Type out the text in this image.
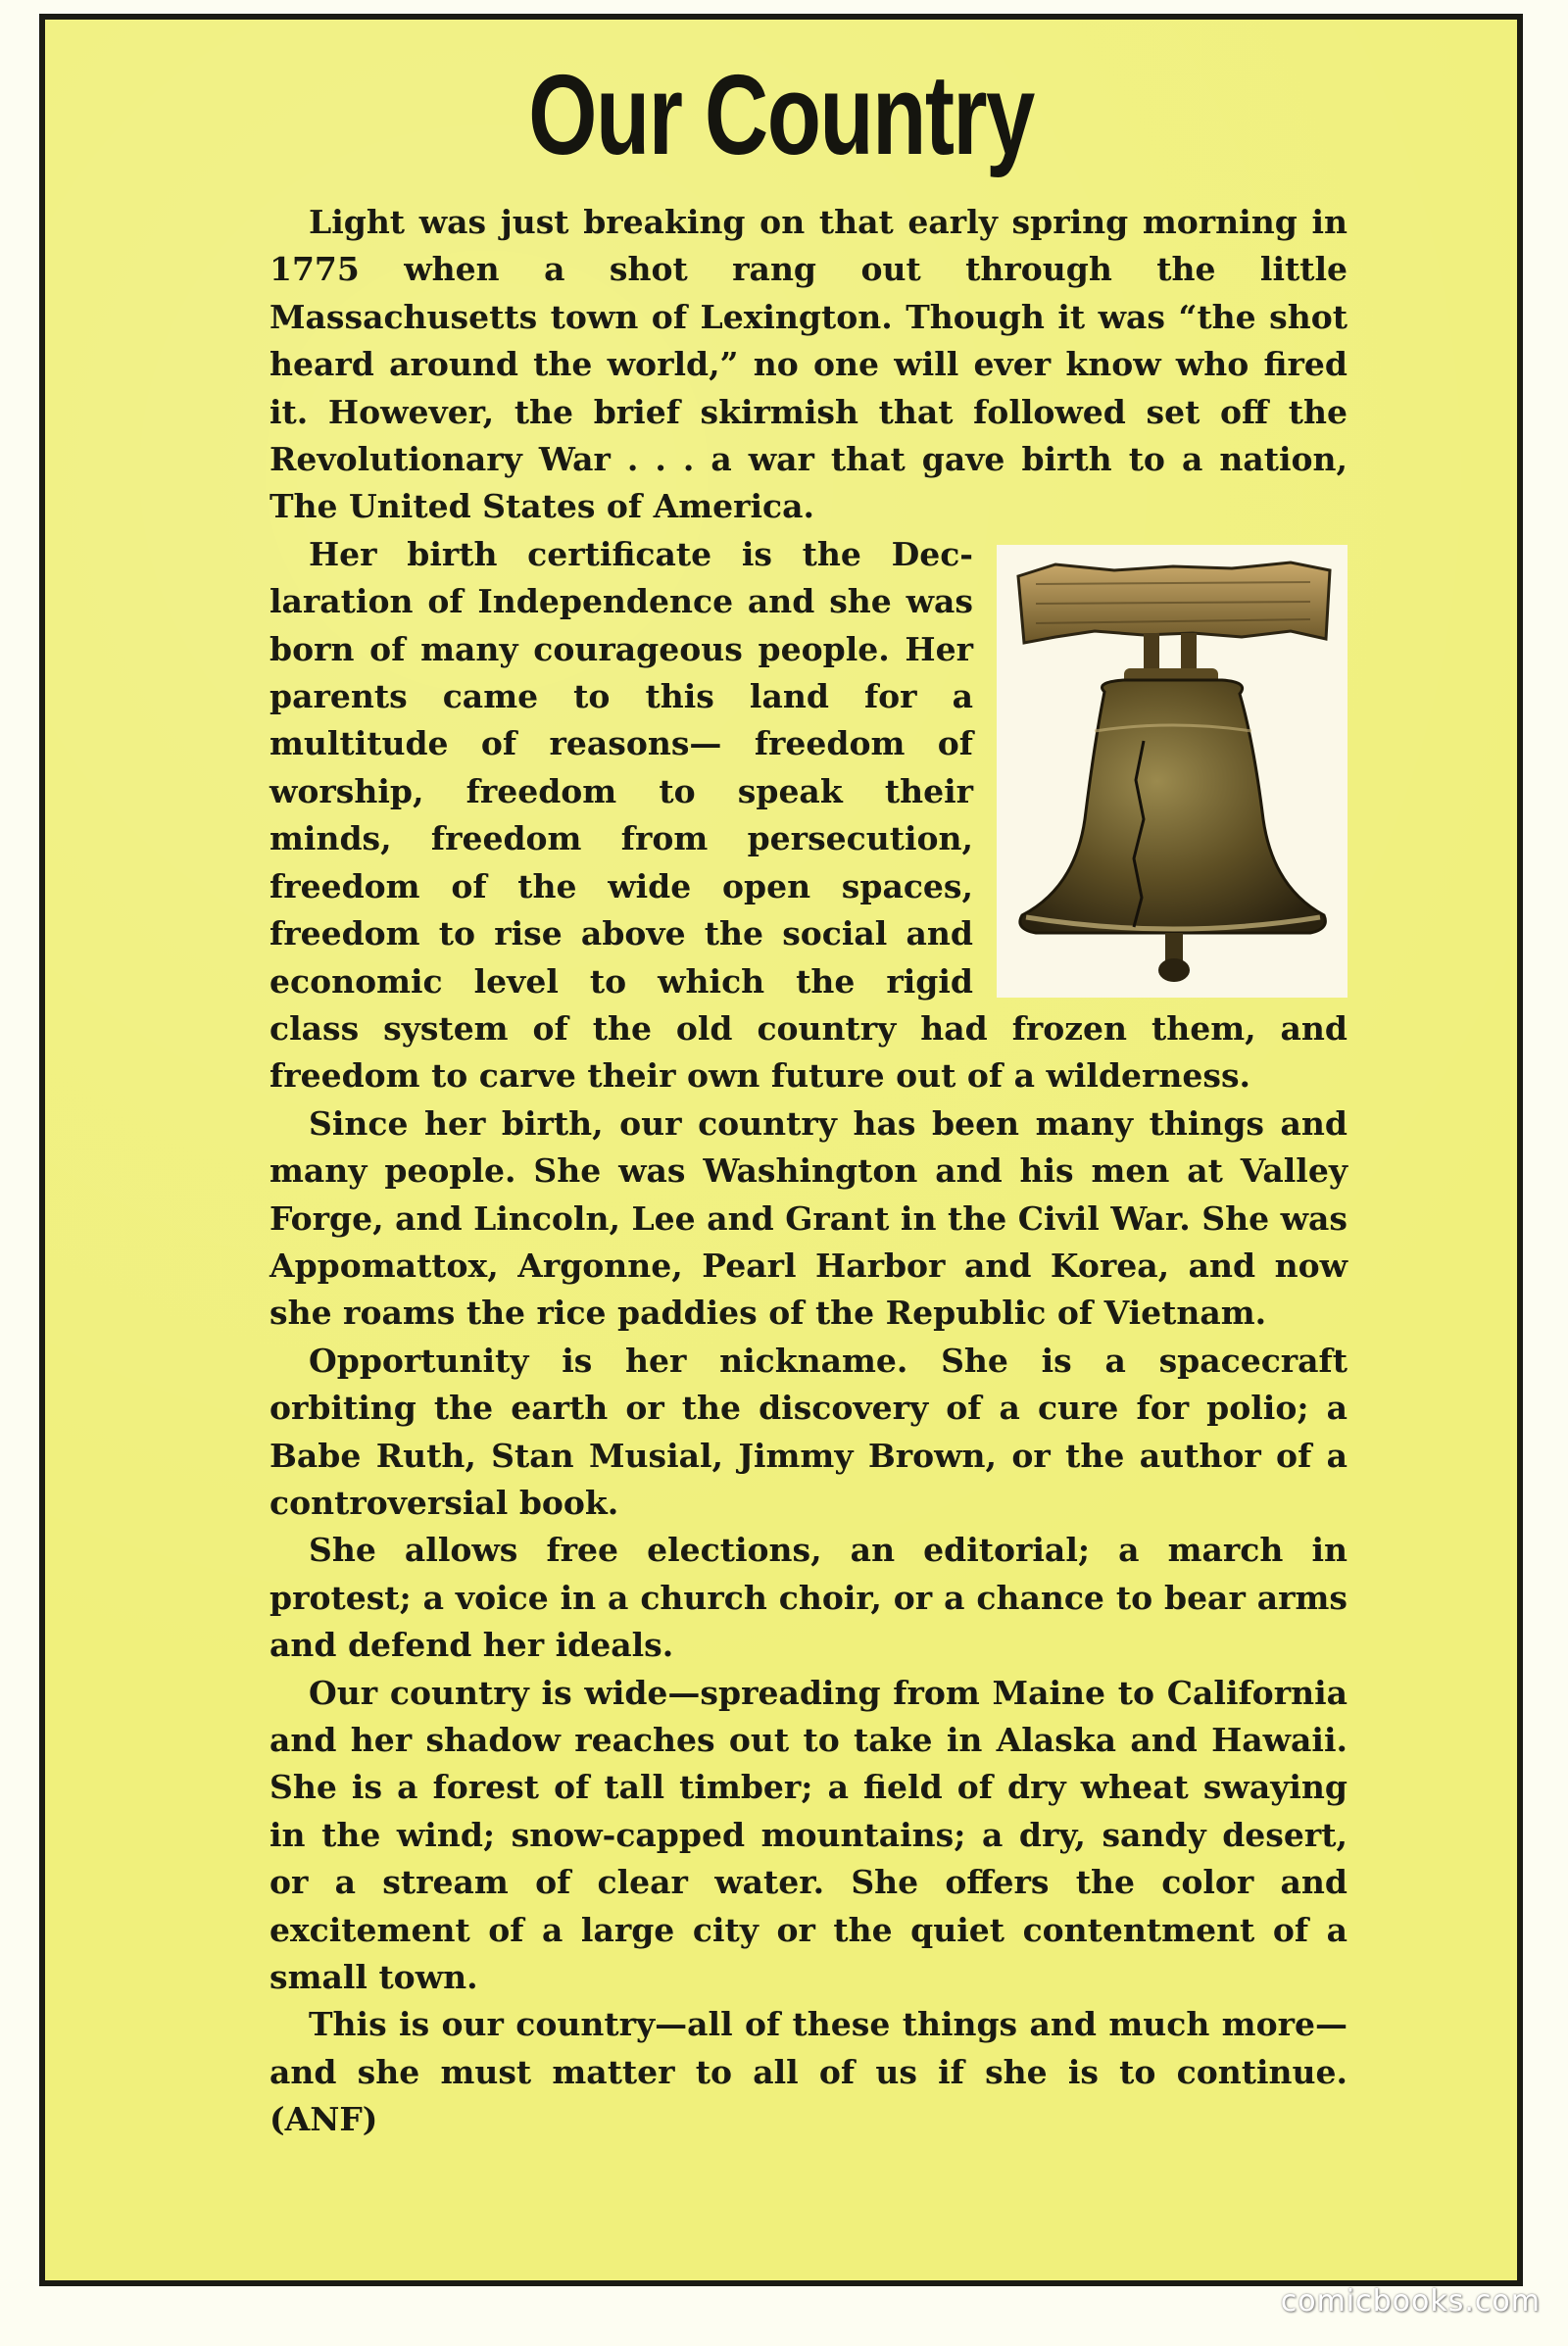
Our Country

Light was just breaking on that early spring morning in 1775 when a shot rang out through the little Massachusetts town of Lexington. Though it was “the shot heard around the world,” no one will ever know who fired it. However, the brief skirmish that followed set off the Revolutionary War . . . a war that gave birth to a nation, The United States of America.

Her birth certificate is the Declaration of Independence and she was born of many courageous people. Her parents came to this land for a multitude of reasons— freedom of worship, freedom to speak their minds, freedom from persecution, freedom of the wide open spaces, freedom to rise above the social and economic level to which the rigid class system of the old country had frozen them, and freedom to carve their own future out of a wilderness.

Since her birth, our country has been many things and many people. She was Washington and his men at Valley Forge, and Lincoln, Lee and Grant in the Civil War. She was Appomattox, Argonne, Pearl Harbor and Korea, and now she roams the rice paddies of the Republic of Vietnam.

Opportunity is her nickname. She is a spacecraft orbiting the earth or the discovery of a cure for polio; a Babe Ruth, Stan Musial, Jimmy Brown, or the author of a controversial book.

She allows free elections, an editorial; a march in protest; a voice in a church choir, or a chance to bear arms and defend her ideals.

Our country is wide—spreading from Maine to California and her shadow reaches out to take in Alaska and Hawaii. She is a forest of tall timber; a field of dry wheat swaying in the wind; snow-capped mountains; a dry, sandy desert, or a stream of clear water. She offers the color and excitement of a large city or the quiet contentment of a small town.

This is our country—all of these things and much more—and she must matter to all of us if she is to continue. (ANF)

comicbooks.com
